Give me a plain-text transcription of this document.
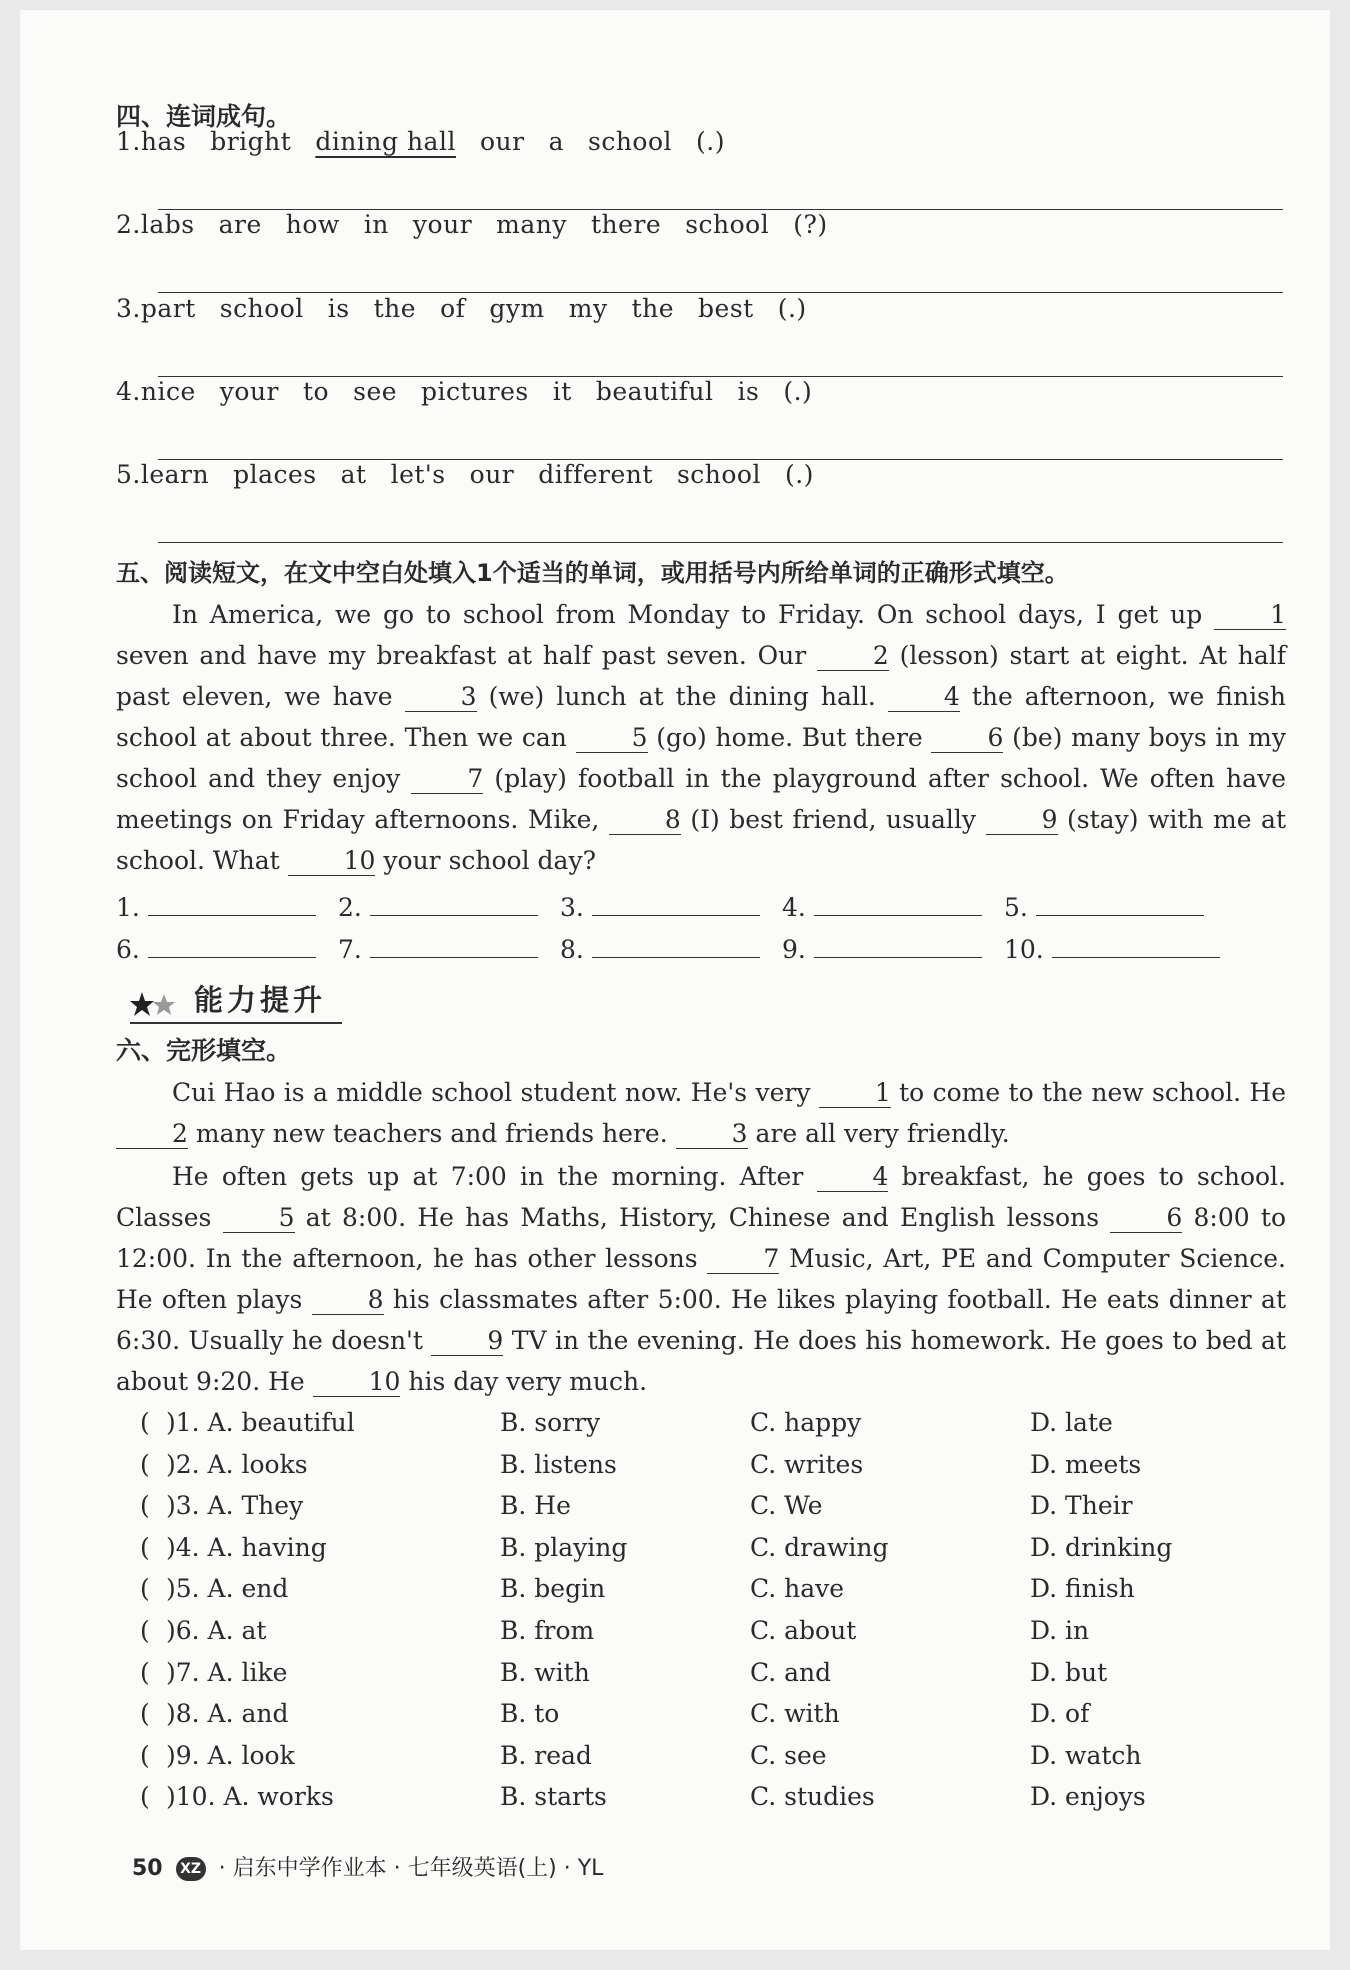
四、连词成句。
1.has bright dining hall our a school (.)
2.labs are how in your many there school (?)
3.part school is the of gym my the best (.)
4.nice your to see pictures it beautiful is (.)
5.learn places at let's our different school (.)
五、阅读短文，在文中空白处填入1个适当的单词，或用括号内所给单词的正确形式填空。
In America, we go to school from Monday to Friday. On school days, I get up	1 seven and have my breakfast at half past seven. Our	2 (lesson) start at eight. At half past eleven, we have	3 (we) lunch at the dining hall.	4 the afternoon, we finish school at about three. Then we can	5 (go) home. But there	6 (be) many boys in my school and they enjoy	7 (play) football in the playground after school. We often have meetings on Friday afternoons. Mike,	8 (I) best friend, usually	9 (stay) with me at school. What	10 your school day?
1.	2.	3.	4.	5.
6.	7.	8.	9.	10.
能力提升
六、完形填空。
Cui Hao is a middle school student now. He's very	1 to come to the new school. He 2 many new teachers and friends here.	3 are all very friendly.
He often gets up at 7:00 in the morning. After	4 breakfast, he goes to school. Classes	5 at 8:00. He has Maths, History, Chinese and English lessons	6 8:00 to 12:00. In the afternoon, he has other lessons	7 Music, Art, PE and Computer Science. He often plays	8 his classmates after 5:00. He likes playing football. He eats dinner at 6:30. Usually he doesn't	9 TV in the evening. He does his homework. He goes to bed at about 9:20. He	10 his day very much.
( )1. A. beautiful	B. sorry	C. happy	D. late
( )2. A. looks	B. listens	C. writes	D. meets
( )3. A. They	B. He	C. We	D. Their
( )4. A. having	B. playing	C. drawing	D. drinking
( )5. A. end	B. begin	C. have	D. finish
( )6. A. at	B. from	C. about	D. in
( )7. A. like	B. with	C. and	D. but
( )8. A. and	B. to	C. with	D. of
( )9. A. look	B. read	C. see	D. watch
( )10. A. works	B. starts	C. studies	D. enjoys
50 XZ · 启东中学作业本 · 七年级英语(上) · YL
